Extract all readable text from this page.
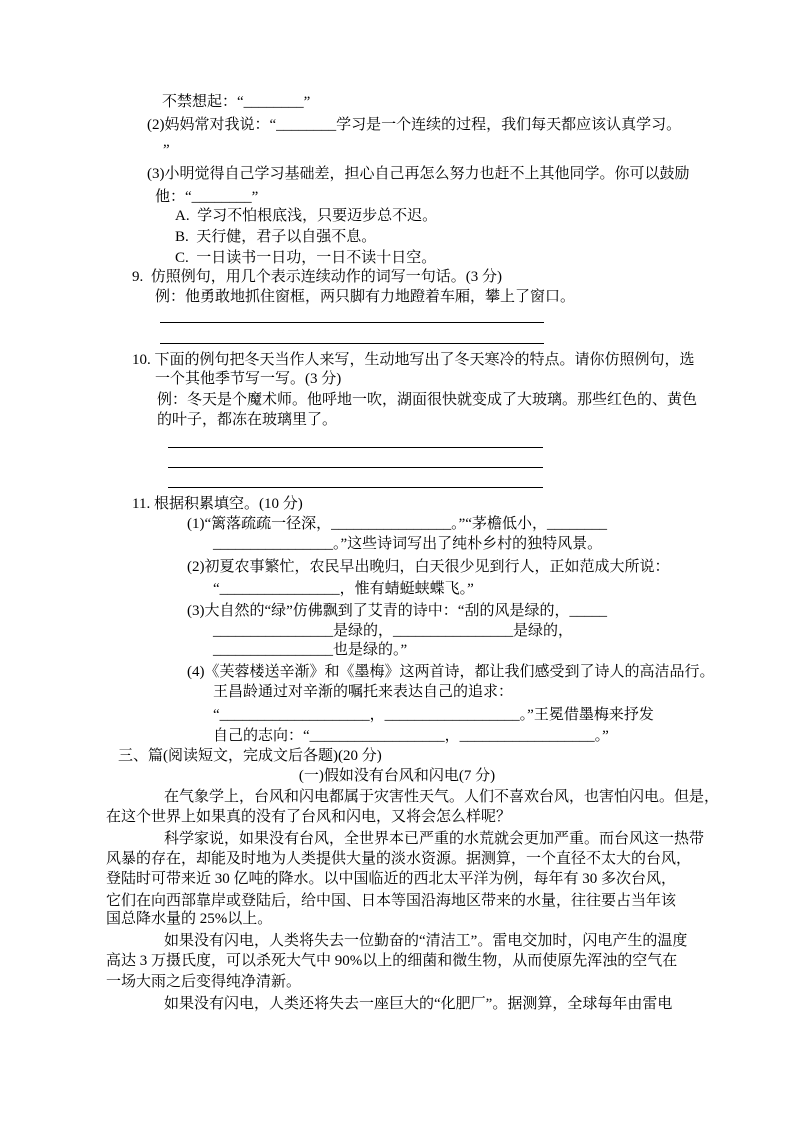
不禁想起：“________”
(2)妈妈常对我说：“________学习是一个连续的过程，我们每天都应该认真学习。
”
(3)小明觉得自己学习基础差，担心自己再怎么努力也赶不上其他同学。你可以鼓励
他：“________”
A.  学习不怕根底浅，只要迈步总不迟。
B.  天行健，君子以自强不息。
C.  一日读书一日功，一日不读十日空。
9.  仿照例句，用几个表示连续动作的词写一句话。(3 分)
例：他勇敢地抓住窗框，两只脚有力地蹬着车厢，攀上了窗口。
10. 下面的例句把冬天当作人来写，生动地写出了冬天寒冷的特点。请你仿照例句，选
一个其他季节写一写。(3 分)
例：冬天是个魔术师。他呼地一吹，湖面很快就变成了大玻璃。那些红色的、黄色
的叶子，都冻在玻璃里了。
11. 根据积累填空。(10 分)
(1)“篱落疏疏一径深，________________。”“茅檐低小，________
________________。”这些诗词写出了纯朴乡村的独特风景。
(2)初夏农事繁忙，农民早出晚归，白天很少见到行人，正如范成大所说：
“________________，惟有蜻蜓蛱蝶飞。”
(3)大自然的“绿”仿佛飘到了艾青的诗中：“刮的风是绿的，_____
________________是绿的，________________是绿的，
________________也是绿的。”
(4)《芙蓉楼送辛渐》和《墨梅》这两首诗，都让我们感受到了诗人的高洁品行。
王昌龄通过对辛渐的嘱托来表达自己的追求：
“____________________，__________________。”王冕借墨梅来抒发
自己的志向：“__________________，__________________。”
三、篇(阅读短文，完成文后各题)(20 分)
(一)假如没有台风和闪电(7 分)
在气象学上，台风和闪电都属于灾害性天气。人们不喜欢台风，也害怕闪电。但是，
在这个世界上如果真的没有了台风和闪电，又将会怎么样呢？
科学家说，如果没有台风，全世界本已严重的水荒就会更加严重。而台风这一热带
风暴的存在，却能及时地为人类提供大量的淡水资源。据测算，一个直径不太大的台风，
登陆时可带来近 30 亿吨的降水。以中国临近的西北太平洋为例，每年有 30 多次台风，
它们在向西部靠岸或登陆后，给中国、日本等国沿海地区带来的水量，往往要占当年该
国总降水量的 25%以上。
如果没有闪电，人类将失去一位勤奋的“清洁工”。雷电交加时，闪电产生的温度
高达 3 万摄氏度，可以杀死大气中 90%以上的细菌和微生物，从而使原先浑浊的空气在
一场大雨之后变得纯净清新。
如果没有闪电，人类还将失去一座巨大的“化肥厂”。据测算，全球每年由雷电
